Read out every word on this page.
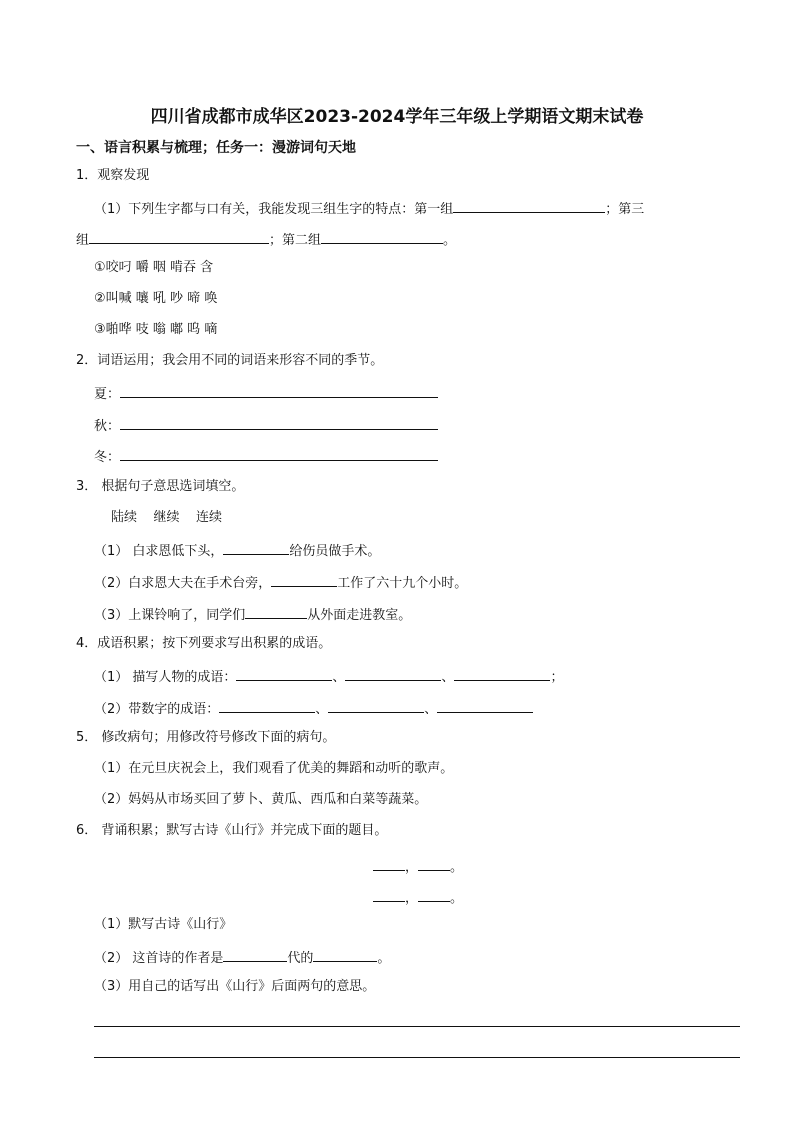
四川省成都市成华区2023-2024学年三年级上学期语文期末试卷
一、语言积累与梳理；任务一：漫游词句天地
1．观察发现
（1）下列生字都与口有关，我能发现三组生字的特点：第一组	；第三
组	；第二组	。
①咬叼 嚼 咽 啃吞 含
②叫喊 嚷 吼 吵 啼 唤
③啪哗 吱 嗡 嘟 呜 嘀
2．词语运用；我会用不同的词语来形容不同的季节。
夏：
秋：
冬：
3． 根据句子意思选词填空。
陆续    继续    连续
（1） 白求恩低下头，	给伤员做手术。
（2）白求恩大夫在手术台旁，	工作了六十九个小时。
（3）上课铃响了，同学们	从外面走进教室。
4．成语积累；按下列要求写出积累的成语。
（1） 描写人物的成语：	、	、	；
（2）带数字的成语：	、	、
5． 修改病句；用修改符号修改下面的病句。
（1）在元旦庆祝会上，我们观看了优美的舞蹈和动听的歌声。
（2）妈妈从市场买回了萝卜、黄瓜、西瓜和白菜等蔬菜。
6． 背诵积累；默写古诗《山行》并完成下面的题目。
， 。
， 。
（1）默写古诗《山行》
（2） 这首诗的作者是	代的	。
（3）用自己的话写出《山行》后面两句的意思。
